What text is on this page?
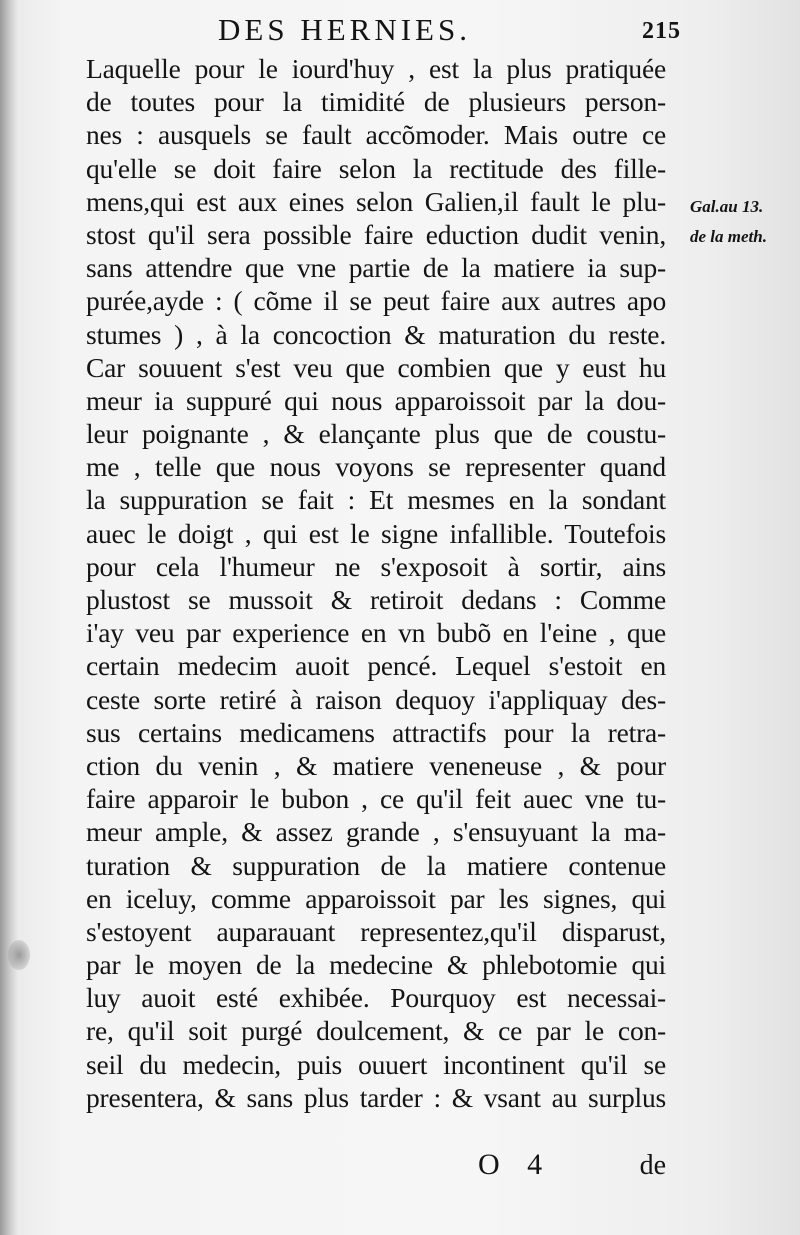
DES HERNIES.	215
Gal.au 13.
de la meth.
Laquelle pour le iourd'huy , est la plus pratiquée
de toutes pour la timidité de plusieurs person-
nes : ausquels se fault accõmoder. Mais outre ce
qu'elle se doit faire selon la rectitude des fille-
mens,qui est aux eines selon Galien,il fault le plu-
stost qu'il sera possible faire eduction dudit venin,
sans attendre que vne partie de la matiere ia sup-
purée,ayde : ( cõme il se peut faire aux autres apo
stumes ) , à la concoction & maturation du reste.
Car souuent s'est veu que combien que y eust hu
meur ia suppuré qui nous apparoissoit par la dou-
leur poignante , & elançante plus que de coustu-
me , telle que nous voyons se representer quand
la suppuration se fait : Et mesmes en la sondant
auec le doigt , qui est le signe infallible. Toutefois
pour cela l'humeur ne s'exposoit à sortir, ains
plustost se mussoit & retiroit dedans : Comme
i'ay veu par experience en vn bubõ en l'eine , que
certain medecim auoit pencé. Lequel s'estoit en
ceste sorte retiré à raison dequoy i'appliquay des-
sus certains medicamens attractifs pour la retra-
ction du venin , & matiere veneneuse , & pour
faire apparoir le bubon , ce qu'il feit auec vne tu-
meur ample, & assez grande , s'ensuyuant la ma-
turation & suppuration de la matiere contenue
en iceluy, comme apparoissoit par les signes, qui
s'estoyent auparauant representez,qu'il disparust,
par le moyen de la medecine & phlebotomie qui
luy auoit esté exhibée. Pourquoy est necessai-
re, qu'il soit purgé doulcement, & ce par le con-
seil du medecin, puis ouuert incontinent qu'il se
presentera, & sans plus tarder : & vsant au surplus
O 4	de
